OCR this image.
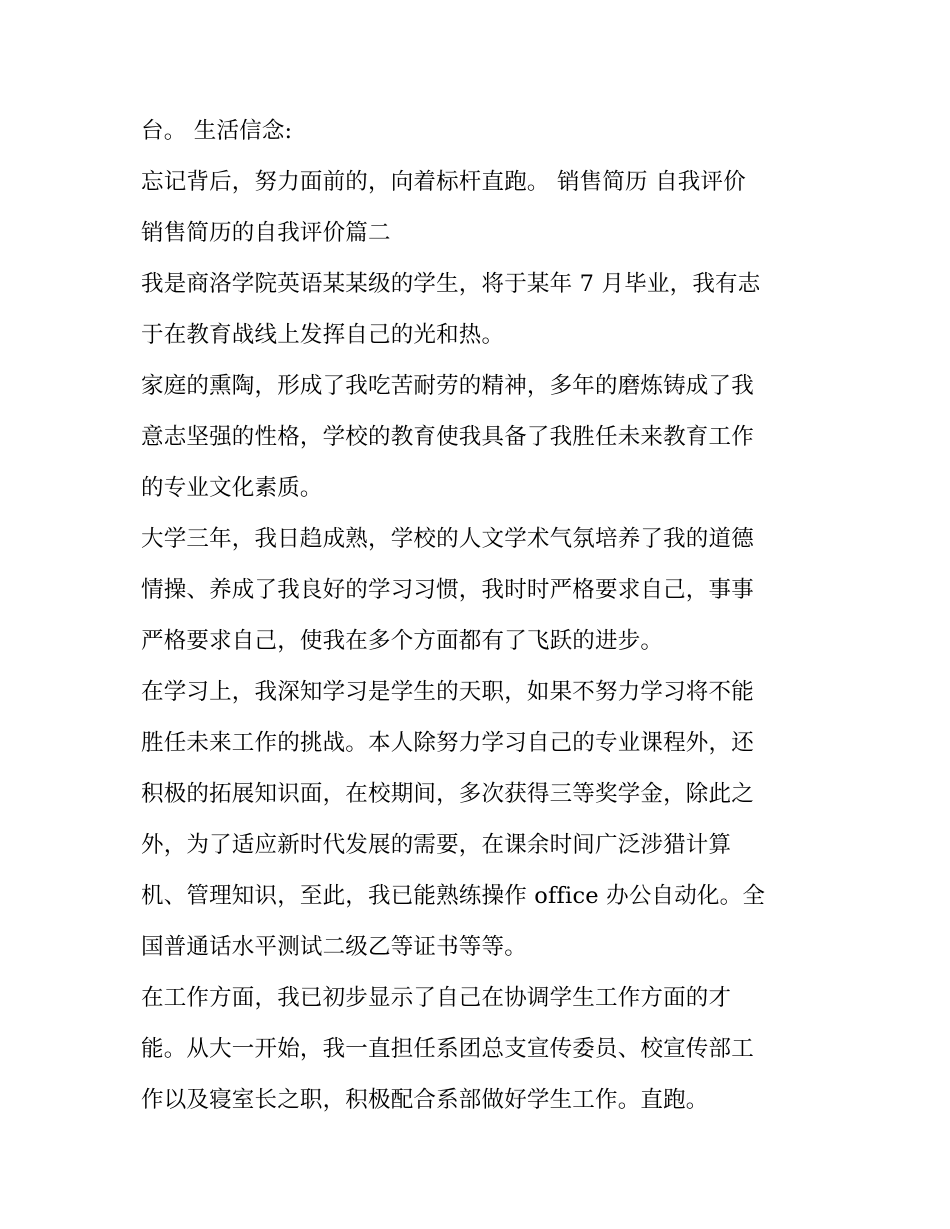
台。 生活信念:
忘记背后，努力面前的，向着标杆直跑。 销售简历 自我评价
销售简历的自我评价篇二
我是商洛学院英语某某级的学生，将于某年 7 月毕业，我有志
于在教育战线上发挥自己的光和热。
家庭的熏陶，形成了我吃苦耐劳的精神，多年的磨炼铸成了我
意志坚强的性格，学校的教育使我具备了我胜任未来教育工作
的专业文化素质。
大学三年，我日趋成熟，学校的人文学术气氛培养了我的道德
情操、养成了我良好的学习习惯，我时时严格要求自己，事事
严格要求自己，使我在多个方面都有了飞跃的进步。
在学习上，我深知学习是学生的天职，如果不努力学习将不能
胜任未来工作的挑战。本人除努力学习自己的专业课程外，还
积极的拓展知识面，在校期间，多次获得三等奖学金，除此之
外，为了适应新时代发展的需要，在课余时间广泛涉猎计算
机、管理知识，至此，我已能熟练操作 office 办公自动化。全
国普通话水平测试二级乙等证书等等。
在工作方面，我已初步显示了自己在协调学生工作方面的才
能。从大一开始，我一直担任系团总支宣传委员、校宣传部工
作以及寝室长之职，积极配合系部做好学生工作。直跑。
